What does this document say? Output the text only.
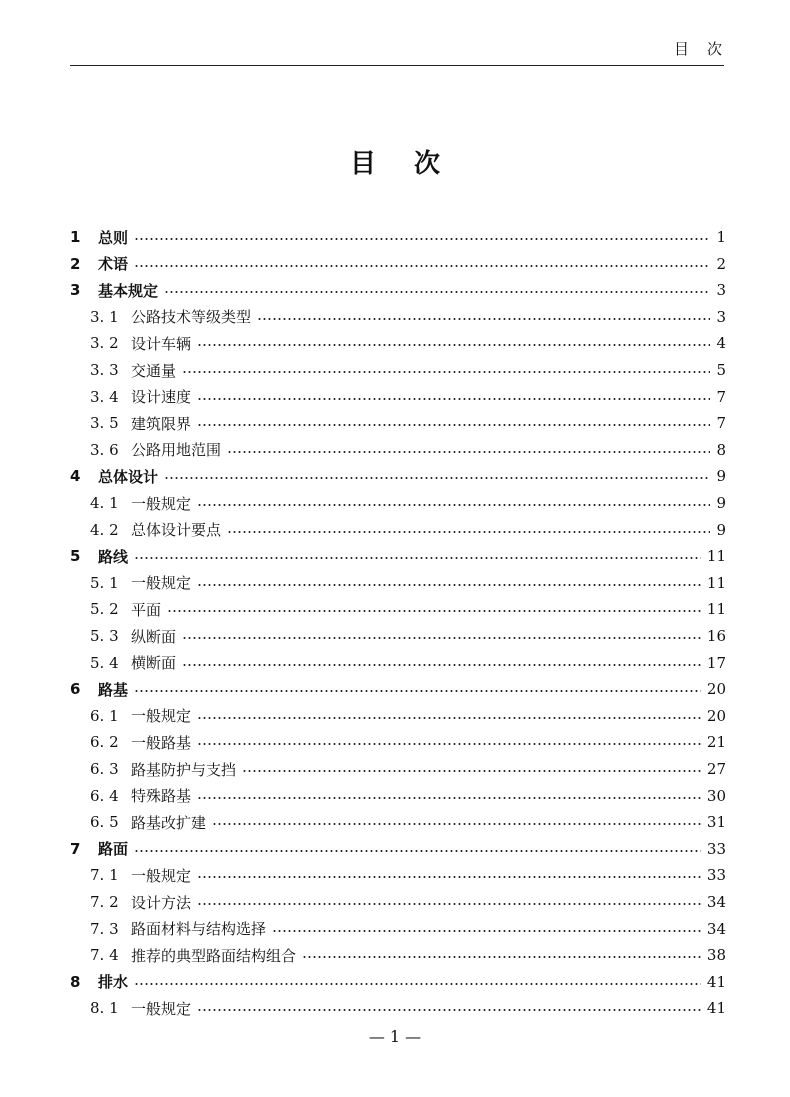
目次
目次
1	总则	1
2	术语	2
3	基本规定	3
3. 1 公路技术等级类型	3
3. 2 设计车辆	4
3. 3 交通量	5
3. 4 设计速度	7
3. 5 建筑限界	7
3. 6 公路用地范围	8
4	总体设计	9
4. 1 一般规定	9
4. 2 总体设计要点	9
5	路线	11
5. 1 一般规定	11
5. 2 平面	11
5. 3 纵断面	16
5. 4 横断面	17
6	路基	20
6. 1 一般规定	20
6. 2 一般路基	21
6. 3 路基防护与支挡	27
6. 4 特殊路基	30
6. 5 路基改扩建	31
7	路面	33
7. 1 一般规定	33
7. 2 设计方法	34
7. 3 路面材料与结构选择	34
7. 4 推荐的典型路面结构组合	38
8	排水	41
8. 1 一般规定	41
— 1 —
